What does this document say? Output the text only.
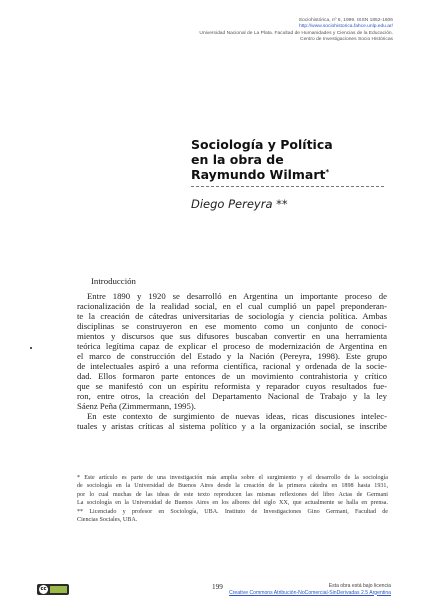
Sociohistórica, nº 6, 1999. ISSN 1852-1606
http://www.sociohistorica.fahce.unlp.edu.ar/
Universidad Nacional de La Plata. Facultad de Humanidades y Ciencias de la Educación.
Centro de Investigaciones Socio Históricas
Sociología y Política
en la obra de
Raymundo Wilmart*
Diego Pereyra **
Introducción
Entre 1890 y 1920 se desarrolló en Argentina un importante proceso de
racionalización de la realidad social, en el cual cumplió un papel preponderan-
te la creación de cátedras universitarias de sociología y ciencia política. Ambas
disciplinas se construyeron en ese momento como un conjunto de conoci-
mientos y discursos que sus difusores buscaban convertir en una herramienta
teórica legítima capaz de explicar el proceso de modernización de Argentina en
el marco de construcción del Estado y la Nación (Pereyra, 1998). Este grupo
de intelectuales aspiró a una reforma científica, racional y ordenada de la socie-
dad. Ellos formaron parte entonces de un movimiento contrahistoria y crítico
que se manifestó con un espíritu reformista y reparador cuyos resultados fue-
ron, entre otros, la creación del Departamento Nacional de Trabajo y la ley
Sáenz Peña (Zimmermann, 1995).
En este contexto de surgimiento de nuevas ideas, ricas discusiones intelec-
tuales y aristas críticas al sistema político y a la organización social, se inscribe
* Este artículo es parte de una investigación más amplia sobre el surgimiento y el desarrollo de la sociología
de sociología en la Universidad de Buenos Aires desde la creación de la primera cátedra en 1898 hasta 1931,
por lo cual muchas de las ideas de este texto reproducen las mismas reflexiones del libro Actas de Germani
La sociología en la Universidad de Buenos Aires en los albores del siglo XX, que actualmente se halla en prensa.
** Licenciado y profesor en Sociología, UBA. Instituto de Investigaciones Gino Germani, Facultad de
Ciencias Sociales, UBA.
cc	199	Esta obra está bajo licencia
Creative Commons Atribución-NoComercial-SinDerivadas 2.5 Argentina
